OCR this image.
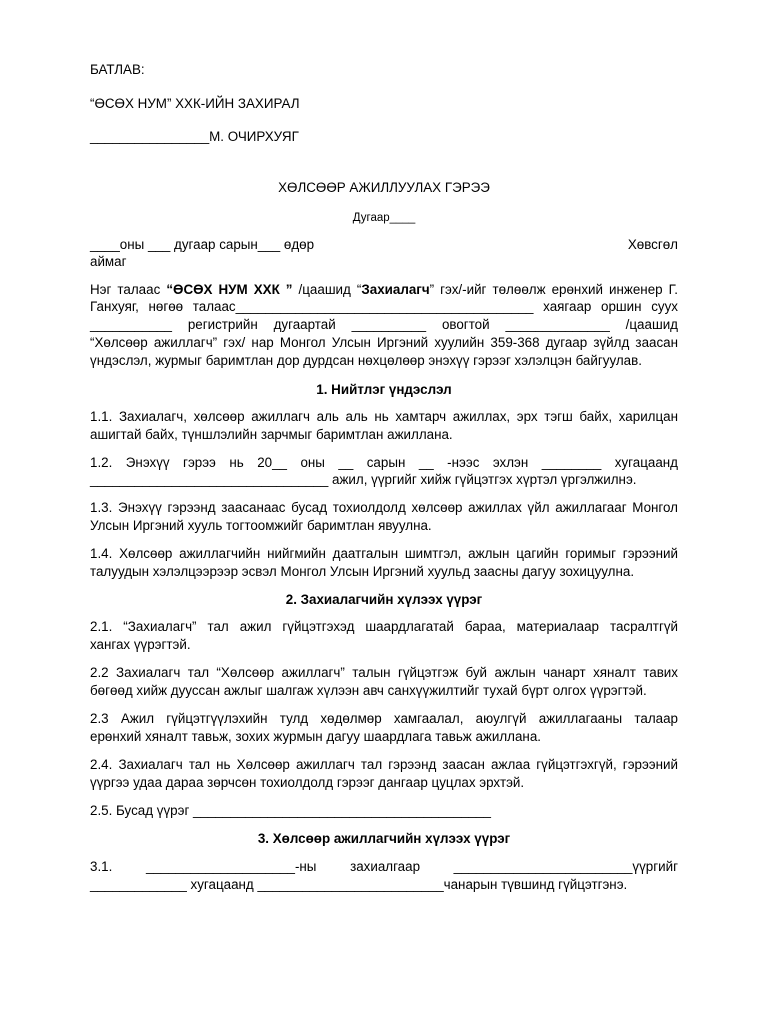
БАТЛАВ:
“ӨСӨХ НУМ” ХХК-ИЙН ЗАХИРАЛ
________________М. ОЧИРХУЯГ
ХӨЛСӨӨР АЖИЛЛУУЛАХ ГЭРЭЭ
Дугаар____
____оны ___ дугаар сарын___ өдөр	Хөвсгөл
аймаг
Нэг талаас “ӨСӨХ НУМ ХХК ” /цаашид “Захиалагч” гэх/-ийг төлөөлж ерөнхий инженер Г.
Ганхуяг, нөгөө талааc________________________________________ хаягаар оршин суух
___________ регистрийн дугаартай __________ овогтой ______________ /цаашид
“Хөлсөөр ажиллагч” гэх/ нар Монгол Улсын Иргэний хуулийн 359-368 дугаар зүйлд заасан
үндэслэл, журмыг баримтлан дор дурдсан нөхцөлөөр энэхүү гэрээг хэлэлцэн байгуулав.
1. Нийтлэг үндэслэл
1.1. Захиалагч, хөлсөөр ажиллагч аль аль нь хамтарч ажиллах, эрх тэгш байх, харилцан
ашигтай байх, түншлэлийн зарчмыг баримтлан ажиллана.
1.2. Энэхүү гэрээ нь 20__ оны __ сарын __ -нээс эхлэн ________ хугацаанд
________________________________ ажил, үүргийг хийж гүйцэтгэх хүртэл үргэлжилнэ.
1.3. Энэхүү гэрээнд заасанаас бусад тохиолдолд хөлсөөр ажиллах үйл ажиллагааг Монгол
Улсын Иргэний хууль тогтоомжийг баримтлан явуулна.
1.4. Хөлсөөр ажиллагчийн нийгмийн даатгалын шимтгэл, ажлын цагийн горимыг гэрээний
талуудын хэлэлцээрээр эсвэл Монгол Улсын Иргэний хуульд заасны дагуу зохицуулна.
2. Захиалагчийн хүлээх үүрэг
2.1. “Захиалагч” тал ажил гүйцэтгэхэд шаардлагатай бараа, материалаар тасралтгүй
хангах үүрэгтэй.
2.2 Захиалагч тал “Хөлсөөр ажиллагч” талын гүйцэтгэж буй ажлын чанарт хяналт тавих
бөгөөд хийж дууссан ажлыг шалгаж хүлээн авч санхүүжилтийг тухай бүрт олгох үүрэгтэй.
2.3 Ажил гүйцэтгүүлэхийн тулд хөдөлмөр хамгаалал, аюулгүй ажиллагааны талаар
ерөнхий хяналт тавьж, зохих журмын дагуу шаардлага тавьж ажиллана.
2.4. Захиалагч тал нь Хөлсөөр ажиллагч тал гэрээнд заасан ажлаа гүйцэтгэхгүй, гэрээний
үүргээ удаа дараа зөрчсөн тохиолдолд гэрээг дангаар цуцлах эрхтэй.
2.5. Бусад үүрэг ________________________________________
3. Хөлсөөр ажиллагчийн хүлээх үүрэг
3.1. ____________________-ны захиалгаар ________________________үүргийг
_____________ хугацаанд _________________________чанарын түвшинд гүйцэтгэнэ.
